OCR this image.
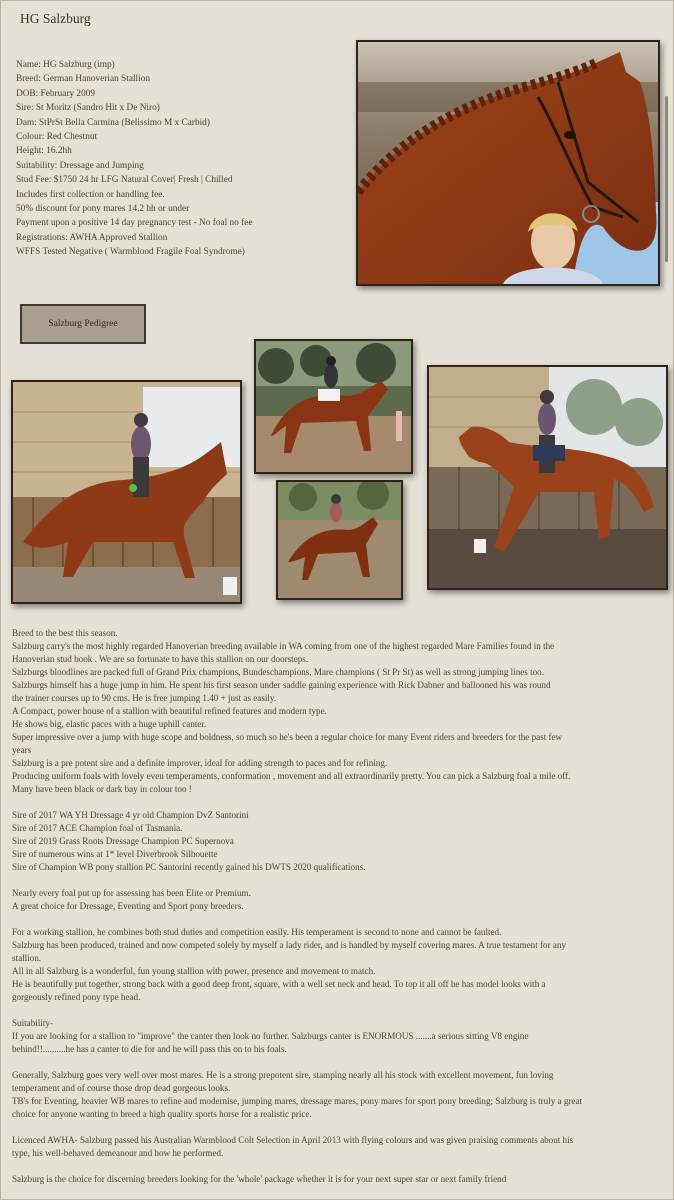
HG Salzburg
Name: HG Salzburg (imp)
Breed: German Hanoverian Stallion
DOB: February 2009
Sire: St Moritz (Sandro Hit x De Niro)
Dam: StPrSt Bella Carmina (Belissimo M x Carbid)
Colour: Red Chestnut
Height: 16.2hh
Suitability: Dressage and Jumping
Stud Fee: $1750 24 hr LFG Natural Cover| Fresh | Chilled
Includes first collection or handling fee.
50% discount for pony mares 14.2 hh or under
Payment upon a positive 14 day pregnancy test - No foal no fee
Registrations: AWHA Approved Stallion
WFFS Tested Negative ( Warmblood Fragile Foal Syndrome)
Salzburg Pedigree

Breed to the best this season.

Salzburg carry's the most highly regarded Hanoverian breeding available in WA coming from one of the highest regarded Mare Families found in the

Hanoverian stud book . We are so fortunate to have this stallion on our doorsteps.

Salzburgs bloodlines are packed full of Grand Prix champions, Bundeschampions, Mare champions ( St Pr St) as well as strong jumping lines too.

Salzburgs himself has a huge jump in him. He spent his first season under saddle gaining experience with Rick Dabner and ballooned his was round

the trainer courses up to 90 cms. He is free jumping 1.40 + just as easily.

A Compact, power house of a stallion with beautiful refined features and modern type.

He shows big, elastic paces with a huge uphill canter.

Super impressive over a jump with huge scope and boldness, so much so he's been a regular choice for many Event riders and breeders for the past few

years

Salzburg is a pre potent sire and a definite improver, ideal for adding strength to paces and for refining.

Producing uniform foals with lovely even temperaments, conformation , movement and all extraordinarily pretty. You can pick a Salzburg foal a mile off.

Many have been black or dark bay in colour too !

Sire of 2017 WA YH Dressage 4 yr old Champion DvZ Santorini

Sire of 2017 ACE Champion foal of Tasmania.

Sire of 2019 Grass Roots Dressage Champion PC Supernova

Sire of numerous wins at 1* level Diverbrook Silhouette

Sire of Champion WB pony stallion PC Santorini recently gained his DWTS 2020 qualifications.

Nearly every foal put up for assessing has been Elite or Premium.

A great choice for Dressage, Eventing and Sport pony breeders.

For a working stallion, he combines both stud duties and competition easily. His temperament is second to none and cannot be faulted.

Salzburg has been produced, trained and now competed solely by myself a lady rider, and is handled by myself covering mares. A true testament for any

stallion.

All in all Salzburg is a wonderful, fun young stallion with power, presence and movement to match.

He is beautifully put together, strong back with a good deep front, square, with a well set neck and head. To top it all off he has model looks with a

gorgeously refined pony type head.

Suitability-

If you are looking for a stallion to "improve" the canter then look no further. Salzburgs canter is ENORMOUS .......a serious sitting V8 engine

behind!!..........he has a canter to die for and he will pass this on to his foals.

Generally, Salzburg goes very well over most mares. He is a strong prepotent sire, stamping nearly all his stock with excellent movement, fun loving

temperament and of course those drop dead gorgeous looks.

TB's for Eventing, heavier WB mares to refine and modernise, jumping mares, dressage mares, pony mares for sport pony breeding; Salzburg is truly a great

choice for anyone wanting to breed a high quality sports horse for a realistic price.

Licenced AWHA- Salzburg passed his Australian Warmblood Colt Selection in April 2013 with flying colours and was given praising comments about his

type, his well-behaved demeanour and how he performed.

Salzburg is the choice for discerning breeders looking for the 'whole' package whether it is for your next super star or next family friend
